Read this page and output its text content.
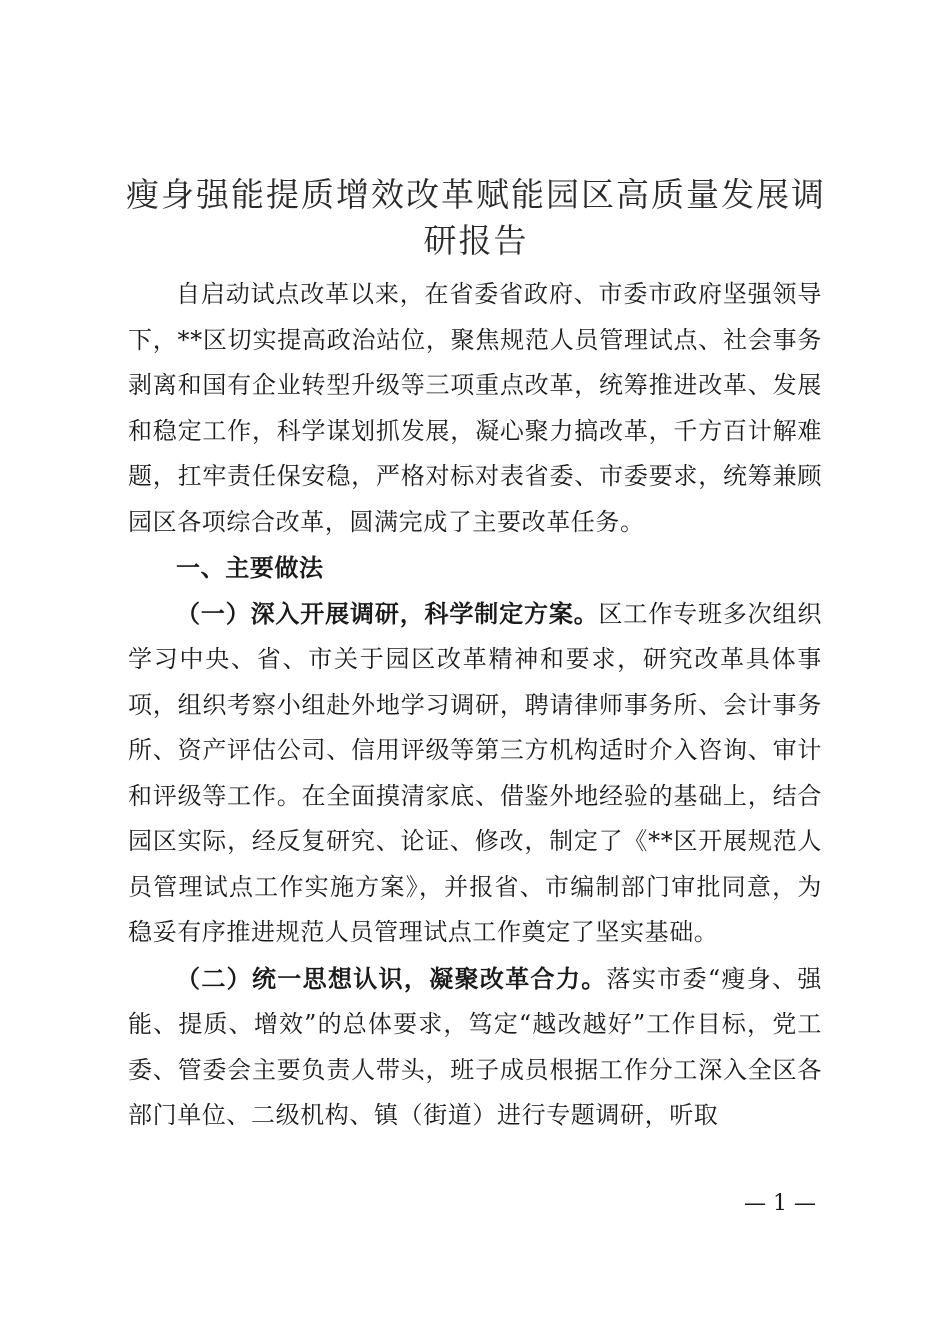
瘦身强能提质增效改革赋能园区高质量发展调研报告

自启动试点改革以来，在省委省政府、市委市政府坚强领导下，**区切实提高政治站位，聚焦规范人员管理试点、社会事务剥离和国有企业转型升级等三项重点改革，统筹推进改革、发展和稳定工作，科学谋划抓发展，凝心聚力搞改革，千方百计解难题，扛牢责任保安稳，严格对标对表省委、市委要求，统筹兼顾园区各项综合改革，圆满完成了主要改革任务。

一、主要做法

（一）深入开展调研，科学制定方案。区工作专班多次组织学习中央、省、市关于园区改革精神和要求，研究改革具体事项，组织考察小组赴外地学习调研，聘请律师事务所、会计事务所、资产评估公司、信用评级等第三方机构适时介入咨询、审计和评级等工作。在全面摸清家底、借鉴外地经验的基础上，结合园区实际，经反复研究、论证、修改，制定了《**区开展规范人员管理试点工作实施方案》，并报省、市编制部门审批同意，为稳妥有序推进规范人员管理试点工作奠定了坚实基础。

（二）统一思想认识，凝聚改革合力。落实市委“瘦身、强能、提质、增效”的总体要求，笃定“越改越好”工作目标，党工委、管委会主要负责人带头，班子成员根据工作分工深入全区各部门单位、二级机构、镇（街道）进行专题调研，听取

— 1 —
